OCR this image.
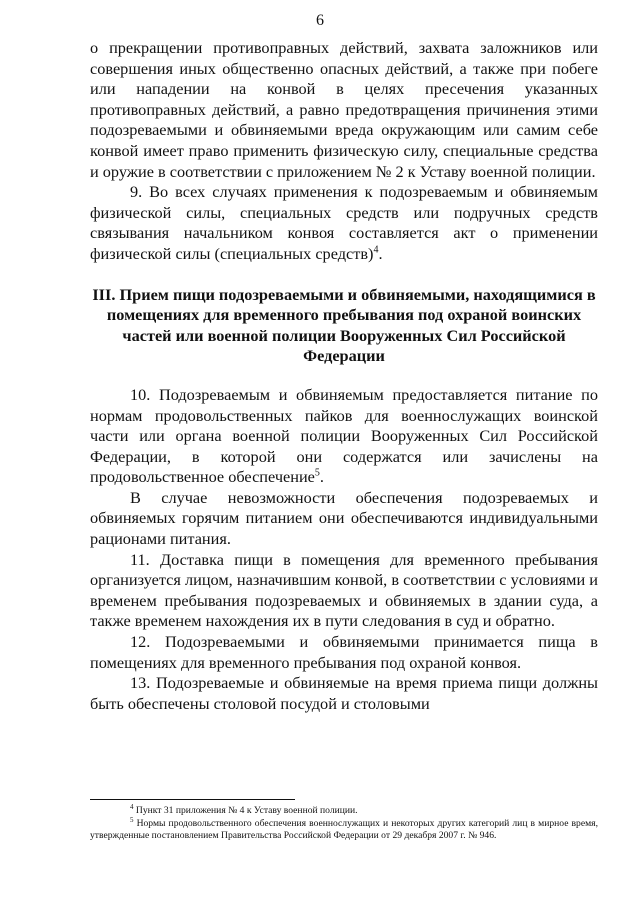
6

о прекращении противоправных действий, захвата заложников или совершения иных общественно опасных действий, а также при побеге или нападении на конвой в целях пресечения указанных противоправных действий, а равно предотвращения причинения этими подозреваемыми и обвиняемыми вреда окружающим или самим себе конвой имеет право применить физическую силу, специальные средства и оружие в соответствии с приложением № 2 к Уставу военной полиции.

9. Во всех случаях применения к подозреваемым и обвиняемым физической силы, специальных средств или подручных средств связывания начальником конвоя составляется акт о применении физической силы (специальных средств)$^4$.

III. Прием пищи подозреваемыми и обвиняемыми, находящимися в помещениях для временного пребывания под охраной воинских частей или военной полиции Вооруженных Сил Российской Федерации

10. Подозреваемым и обвиняемым предоставляется питание по нормам продовольственных пайков для военнослужащих воинской части или органа военной полиции Вооруженных Сил Российской Федерации, в которой они содержатся или зачислены на продовольственное обеспечение$^5$.

В случае невозможности обеспечения подозреваемых и обвиняемых горячим питанием они обеспечиваются индивидуальными рационами питания.

11. Доставка пищи в помещения для временного пребывания организуется лицом, назначившим конвой, в соответствии с условиями и временем пребывания подозреваемых и обвиняемых в здании суда, а также временем нахождения их в пути следования в суд и обратно.

12. Подозреваемыми и обвиняемыми принимается пища в помещениях для временного пребывания под охраной конвоя.

13. Подозреваемые и обвиняемые на время приема пищи должны быть обеспечены столовой посудой и столовыми

$^4$ Пункт 31 приложения № 4 к Уставу военной полиции.

$^5$ Нормы продовольственного обеспечения военнослужащих и некоторых других категорий лиц в мирное время, утвержденные постановлением Правительства Российской Федерации от 29 декабря 2007 г. № 946.
